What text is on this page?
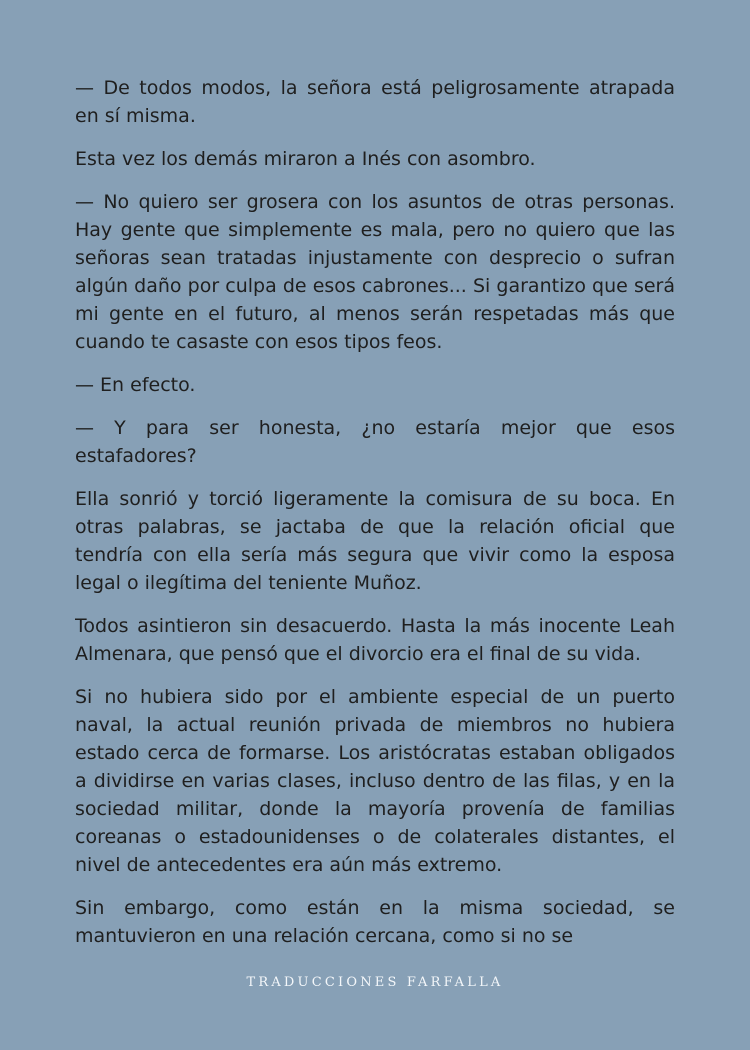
— De todos modos, la señora está peligrosamente atrapada en sí misma.

Esta vez los demás miraron a Inés con asombro.

— No quiero ser grosera con los asuntos de otras personas. Hay gente que simplemente es mala, pero no quiero que las señoras sean tratadas injustamente con desprecio o sufran algún daño por culpa de esos cabrones... Si garantizo que será mi gente en el futuro, al menos serán respetadas más que cuando te casaste con esos tipos feos.

— En efecto.

— Y para ser honesta, ¿no estaría mejor que esos estafadores?

Ella sonrió y torció ligeramente la comisura de su boca. En otras palabras, se jactaba de que la relación oficial que tendría con ella sería más segura que vivir como la esposa legal o ilegítima del teniente Muñoz.

Todos asintieron sin desacuerdo. Hasta la más inocente Leah Almenara, que pensó que el divorcio era el final de su vida.

Si no hubiera sido por el ambiente especial de un puerto naval, la actual reunión privada de miembros no hubiera estado cerca de formarse. Los aristócratas estaban obligados a dividirse en varias clases, incluso dentro de las filas, y en la sociedad militar, donde la mayoría provenía de familias coreanas o estadounidenses o de colaterales distantes, el nivel de antecedentes era aún más extremo.

Sin embargo, como están en la misma sociedad, se mantuvieron en una relación cercana, como si no se

TRADUCCIONES FARFALLA
